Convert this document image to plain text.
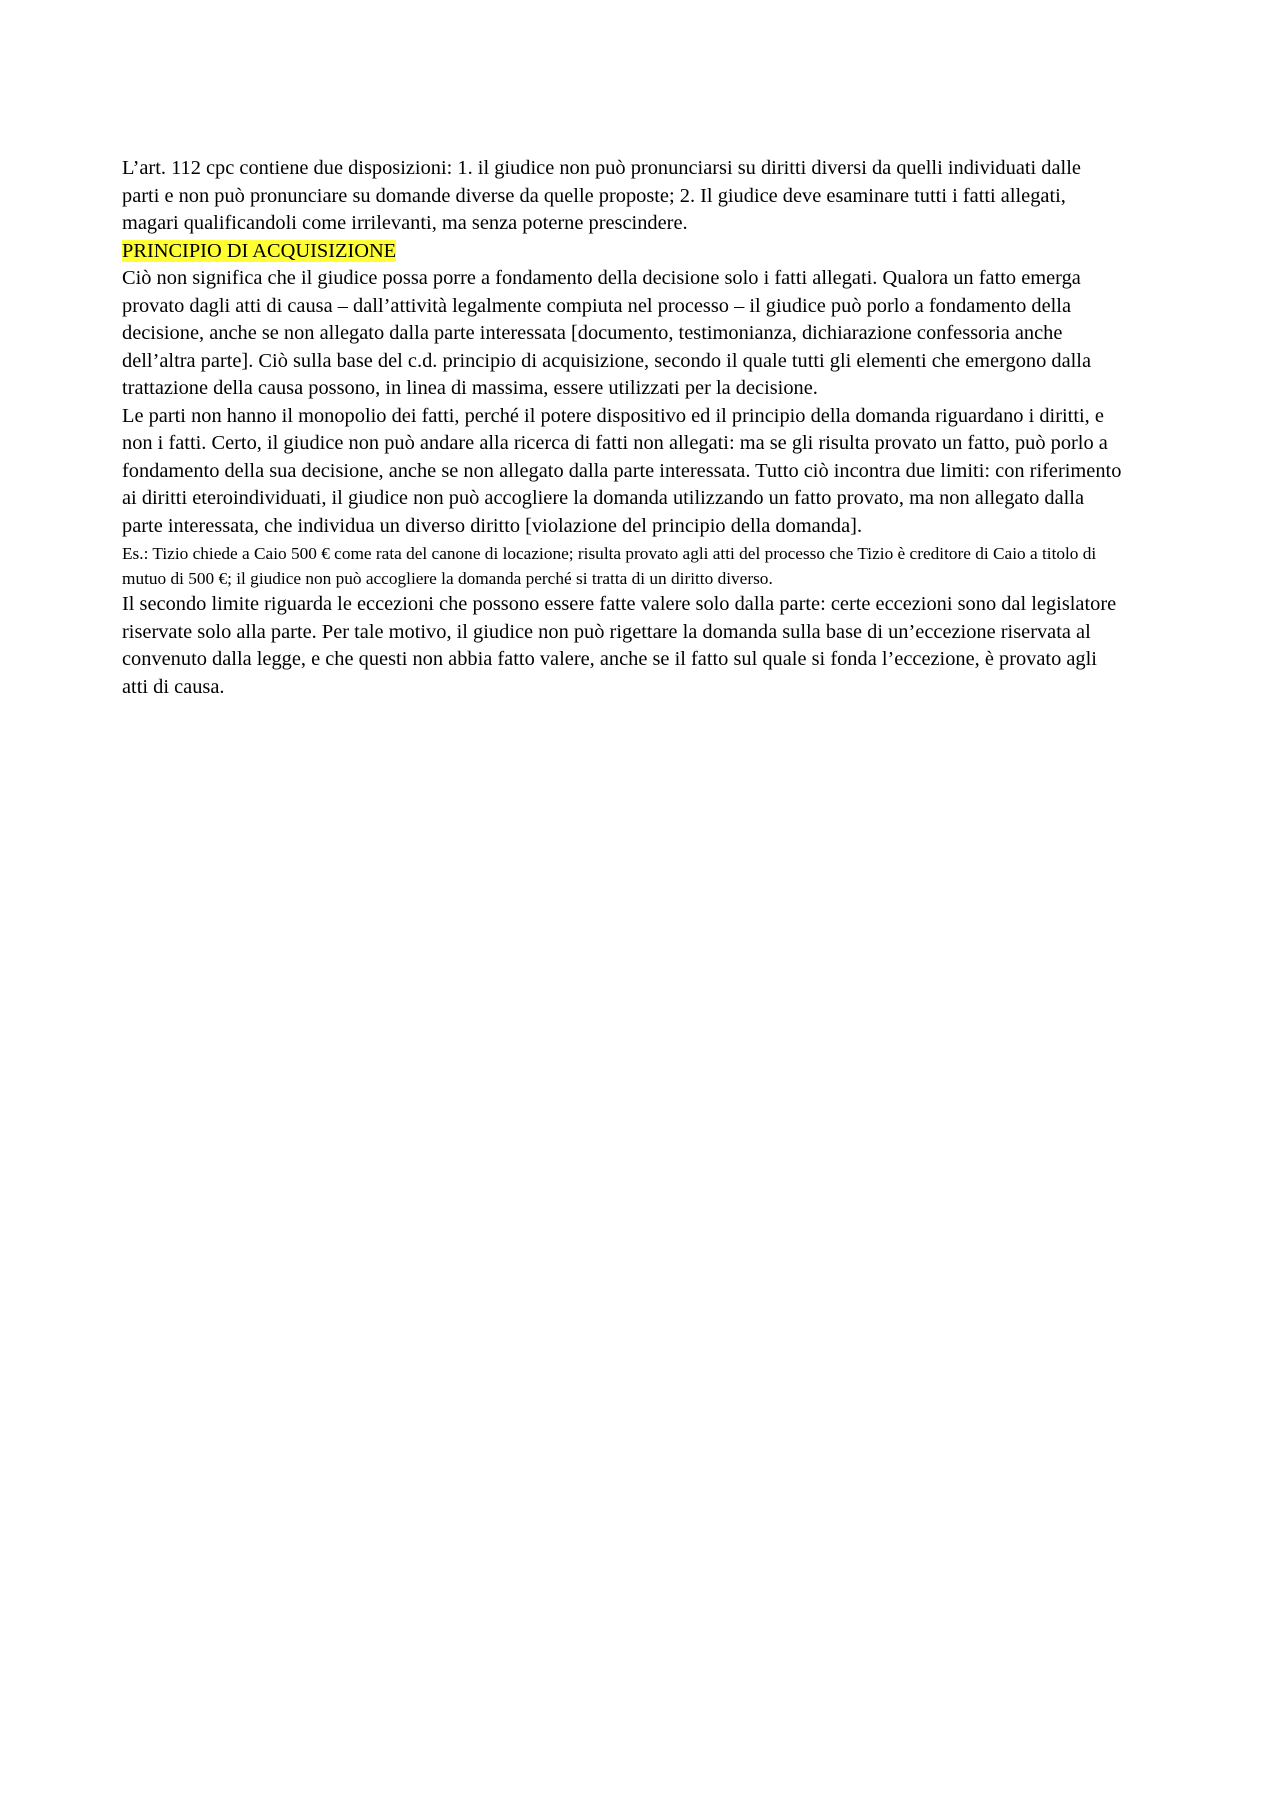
L’art. 112 cpc contiene due disposizioni: 1. il giudice non può pronunciarsi su diritti diversi da quelli individuati dalle parti e non può pronunciare su domande diverse da quelle proposte; 2. Il giudice deve esaminare tutti i fatti allegati, magari qualificandoli come irrilevanti, ma senza poterne prescindere.

PRINCIPIO DI ACQUISIZIONE

Ciò non significa che il giudice possa porre a fondamento della decisione solo i fatti allegati. Qualora un fatto emerga provato dagli atti di causa – dall’attività legalmente compiuta nel processo – il giudice può porlo a fondamento della decisione, anche se non allegato dalla parte interessata [documento, testimonianza, dichiarazione confessoria anche dell’altra parte]. Ciò sulla base del c.d. principio di acquisizione, secondo il quale tutti gli elementi che emergono dalla trattazione della causa possono, in linea di massima, essere utilizzati per la decisione.

Le parti non hanno il monopolio dei fatti, perché il potere dispositivo ed il principio della domanda riguardano i diritti, e non i fatti. Certo, il giudice non può andare alla ricerca di fatti non allegati: ma se gli risulta provato un fatto, può porlo a fondamento della sua decisione, anche se non allegato dalla parte interessata. Tutto ciò incontra due limiti: con riferimento ai diritti eteroindividuati, il giudice non può accogliere la domanda utilizzando un fatto provato, ma non allegato dalla parte interessata, che individua un diverso diritto [violazione del principio della domanda].

Es.: Tizio chiede a Caio 500 € come rata del canone di locazione; risulta provato agli atti del processo che Tizio è creditore di Caio a titolo di mutuo di 500 €; il giudice non può accogliere la domanda perché si tratta di un diritto diverso.

Il secondo limite riguarda le eccezioni che possono essere fatte valere solo dalla parte: certe eccezioni sono dal legislatore riservate solo alla parte. Per tale motivo, il giudice non può rigettare la domanda sulla base di un’eccezione riservata al convenuto dalla legge, e che questi non abbia fatto valere, anche se il fatto sul quale si fonda l’eccezione, è provato agli atti di causa.
